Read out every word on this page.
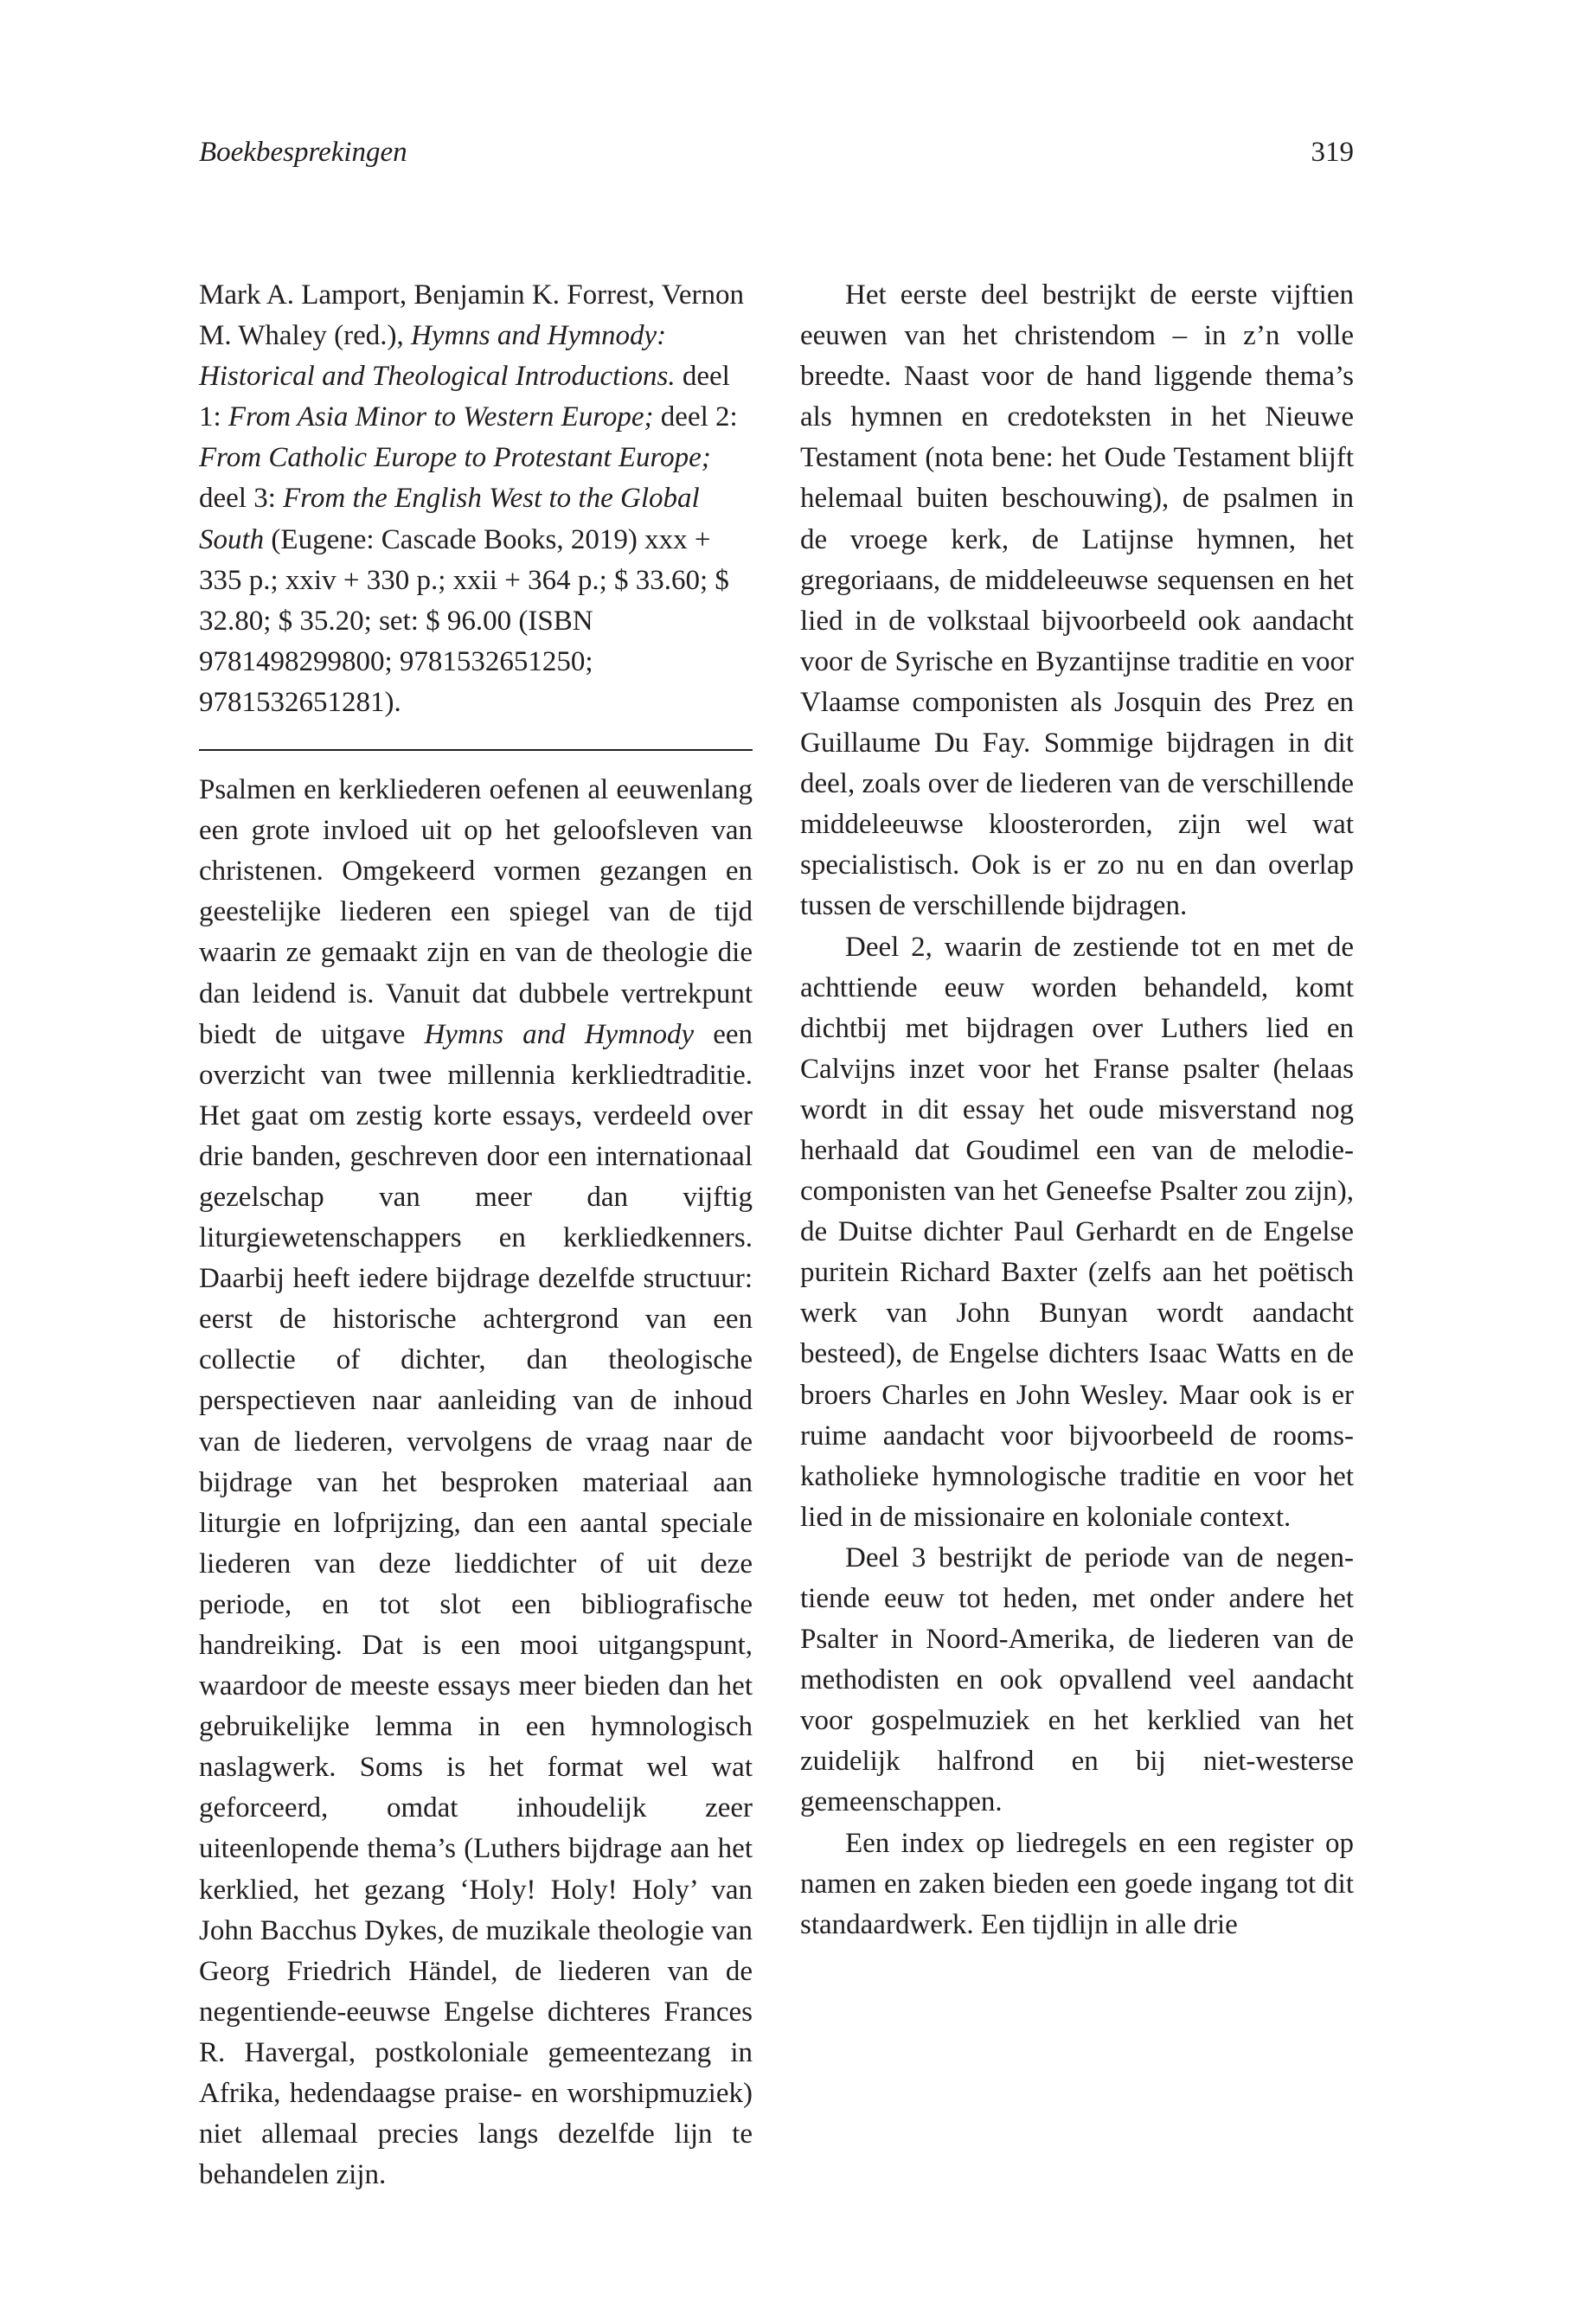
Boekbesprekingen	319

Mark A. Lamport, Benjamin K. Forrest, Vernon M. Whaley (red.), Hymns and Hymnody: Historical and Theological Introductions. deel 1: From Asia Minor to Western Europe; deel 2: From Catholic Europe to Protestant Europe; deel 3: From the English West to the Global South (Eugene: Cascade Books, 2019) xxx + 335 p.; xxiv + 330 p.; xxii + 364 p.; $ 33.60; $ 32.80; $ 35.20; set: $ 96.00 (ISBN 9781498299800; 9781532651250; 9781532651281).

Psalmen en kerkliederen oefenen al eeuwenlang een grote invloed uit op het geloofsleven van christenen. Omgekeerd vormen gezangen en geestelijke liederen een spiegel van de tijd waarin ze gemaakt zijn en van de theologie die dan leidend is. Vanuit dat dubbele vertrekpunt biedt de uitgave Hymns and Hymnody een overzicht van twee millennia kerkliedtraditie. Het gaat om zestig korte essays, verdeeld over drie banden, geschreven door een internationaal gezelschap van meer dan vijftig liturgiewetenschappers en kerkliedkenners. Daarbij heeft iedere bijdrage dezelfde structuur: eerst de historische achtergrond van een collectie of dichter, dan theologische perspectieven naar aanleiding van de inhoud van de liederen, vervolgens de vraag naar de bijdrage van het besproken materiaal aan liturgie en lofprijzing, dan een aantal speciale liederen van deze lieddichter of uit deze periode, en tot slot een bibliografische handreiking. Dat is een mooi uitgangspunt, waardoor de meeste essays meer bieden dan het gebruikelijke lemma in een hymnologisch naslagwerk. Soms is het format wel wat geforceerd, omdat inhoudelijk zeer uiteenlopende thema’s (Luthers bijdrage aan het kerklied, het gezang ‘Holy! Holy! Holy’ van John Bacchus Dykes, de muzikale theologie van Georg Friedrich Händel, de liederen van de negentiende-eeuwse Engelse dichteres Frances R. Havergal, postkoloniale gemeentezang in Afrika, hedendaagse praise- en worshipmuziek) niet allemaal precies langs dezelfde lijn te behandelen zijn.

Het eerste deel bestrijkt de eerste vijftien eeuwen van het christendom – in z’n volle breedte. Naast voor de hand liggende thema’s als hymnen en credoteksten in het Nieuwe Testament (nota bene: het Oude Testament blijft helemaal buiten beschouwing), de psalmen in de vroege kerk, de Latijnse hymnen, het gregoriaans, de middeleeuwse sequensen en het lied in de volkstaal bijvoorbeeld ook aandacht voor de Syrische en Byzantijnse traditie en voor Vlaamse componisten als Josquin des Prez en Guillaume Du Fay. Sommige bijdragen in dit deel, zoals over de liederen van de verschillende middeleeuwse kloosterorden, zijn wel wat specialistisch. Ook is er zo nu en dan overlap tussen de verschillende bijdragen.

Deel 2, waarin de zestiende tot en met de achttiende eeuw worden behandeld, komt dichtbij met bijdragen over Luthers lied en Calvijns inzet voor het Franse psalter (helaas wordt in dit essay het oude misverstand nog herhaald dat Goudimel een van de melodiecomponisten van het Geneefse Psalter zou zijn), de Duitse dichter Paul Gerhardt en de Engelse puritein Richard Baxter (zelfs aan het poëtisch werk van John Bunyan wordt aandacht besteed), de Engelse dichters Isaac Watts en de broers Charles en John Wesley. Maar ook is er ruime aandacht voor bijvoorbeeld de rooms-katholieke hymnologische traditie en voor het lied in de missionaire en koloniale context.

Deel 3 bestrijkt de periode van de negentiende eeuw tot heden, met onder andere het Psalter in Noord-Amerika, de liederen van de methodisten en ook opvallend veel aandacht voor gospelmuziek en het kerklied van het zuidelijk halfrond en bij niet-westerse gemeenschappen.

Een index op liedregels en een register op namen en zaken bieden een goede ingang tot dit standaardwerk. Een tijdlijn in alle drie
